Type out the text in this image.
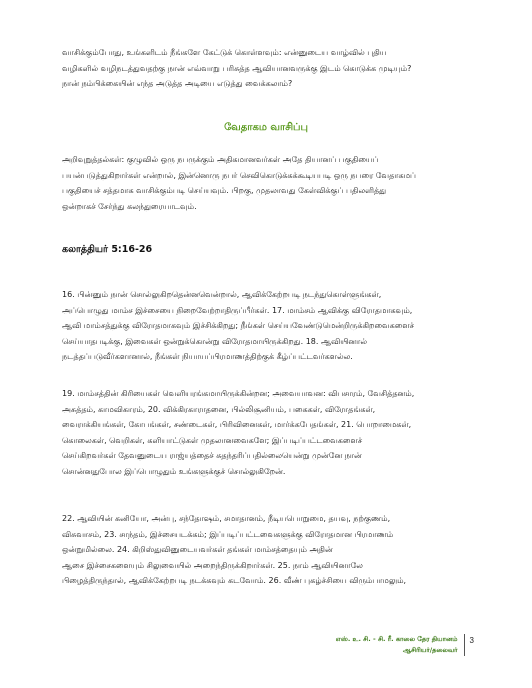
வாசிக்கும்போது, உங்களிடம் நீங்களே கேட்டுக் கொள்ளவும்: என்னுடைய வாழ்வில் புதிய
வழிகளில் வழிநடத்துவதற்கு நான் எவ்வாறு பரிசுத்த ஆவியானவருக்கு இடம் கொடுக்க முடியும்?
நான் நம்பிக்கையின் எந்த அடுத்த அடியை எடுத்து வைக்கலாம்?

வேதாகம வாசிப்பு

அறிவுறுத்தல்கள்: குழுவில் ஒரு நபருக்கும் அதிகமானவர்கள் அதே தியானப் பகுதியைப்
பயன்படுத்துகிறார்கள் என்றால், இன்னொரு நபர் செவிகொடுக்கக்கூடியபடி ஒரு நபரை வேதாகமப்
பகுதியைச் சத்தமாக வாசிக்கும்படி செய்யவும். பிறகு, முதலாவது கேள்விக்குப் பதிலளித்து
ஒன்றாகச் சேர்ந்து கலந்துரையாடவும்.

கலாத்தியர் 5:16-26

16. பின்னும் நான் சொல்லுகிறதென்னவென்றால், ஆவிக்கேற்றபடி நடந்துகொள்ளுங்கள்,
அப்பொழுது மாம்ச இச்சையை நிறைவேற்றாதிருப்பீர்கள். 17. மாம்சம் ஆவிக்கு விரோதமாகவும்,
ஆவி மாம்சத்துக்கு விரோதமாகவும் இச்சிக்கிறது; நீங்கள் செய்யவேண்டுமென்றிருக்கிறவைகளைச்
செய்யாதபடிக்கு, இவைகள் ஒன்றுக்கொன்று விரோதமாயிருக்கிறது. 18. ஆவியினால்
நடத்தப்படுவீர்களானால், நீங்கள் நியாயப்பிரமாணத்திற்குக் கீழ்ப்பட்டவர்களல்ல.

19. மாம்சத்தின் கிரியைகள் வெளியரங்கமாயிருக்கின்றன; அவையாவன: விபசாரம், வேசித்தனம்,
அசுத்தம், காமவிகாரம், 20. விக்கிரகாராதனை, பில்லிசூனியம், பகைகள், விரோதங்கள்,
வைராக்கியங்கள், கோபங்கள், சண்டைகள், பிரிவினைகள், மார்க்கபேதங்கள், 21. பொறாமைகள்,
கொலைகள், வெறிகள், களியாட்டுகள் முதலானவைகளே; இப்படிப்பட்டவைகளைச்
செய்கிறவர்கள் தேவனுடைய ராஜ்யத்தைச் சுதந்தரிப்பதில்லையென்று முன்னே நான்
சொன்னதுபோல இப்பொழுதும் உங்களுக்குச் சொல்லுகிறேன்.

22. ஆவியின் கனியோ, அன்பு, சந்தோஷம், சமாதானம், நீடியபொறுமை, தயவு, நற்குணம்,
விசுவாசம், 23. சாந்தம், இச்சையடக்கம்; இப்படிப்பட்டவைகளுக்கு விரோதமான பிரமாணம்
ஒன்றுமில்லை. 24. கிறிஸ்துவினுடையவர்கள் தங்கள் மாம்சத்தையும் அதின்
ஆசை இச்சைகளையும் சிலுவையில் அறைந்திருக்கிறார்கள். 25. நாம் ஆவியினாலே
பிழைத்திருந்தால், ஆவிக்கேற்றபடி நடக்கவும் கடவோம். 26. வீண் புகழ்ச்சியை விரும்பாமலும்,

எஸ். உ. சி. - சி. ரீ. காலை தேர தியானம்
ஆசிரியர்/தலைவர்
3
